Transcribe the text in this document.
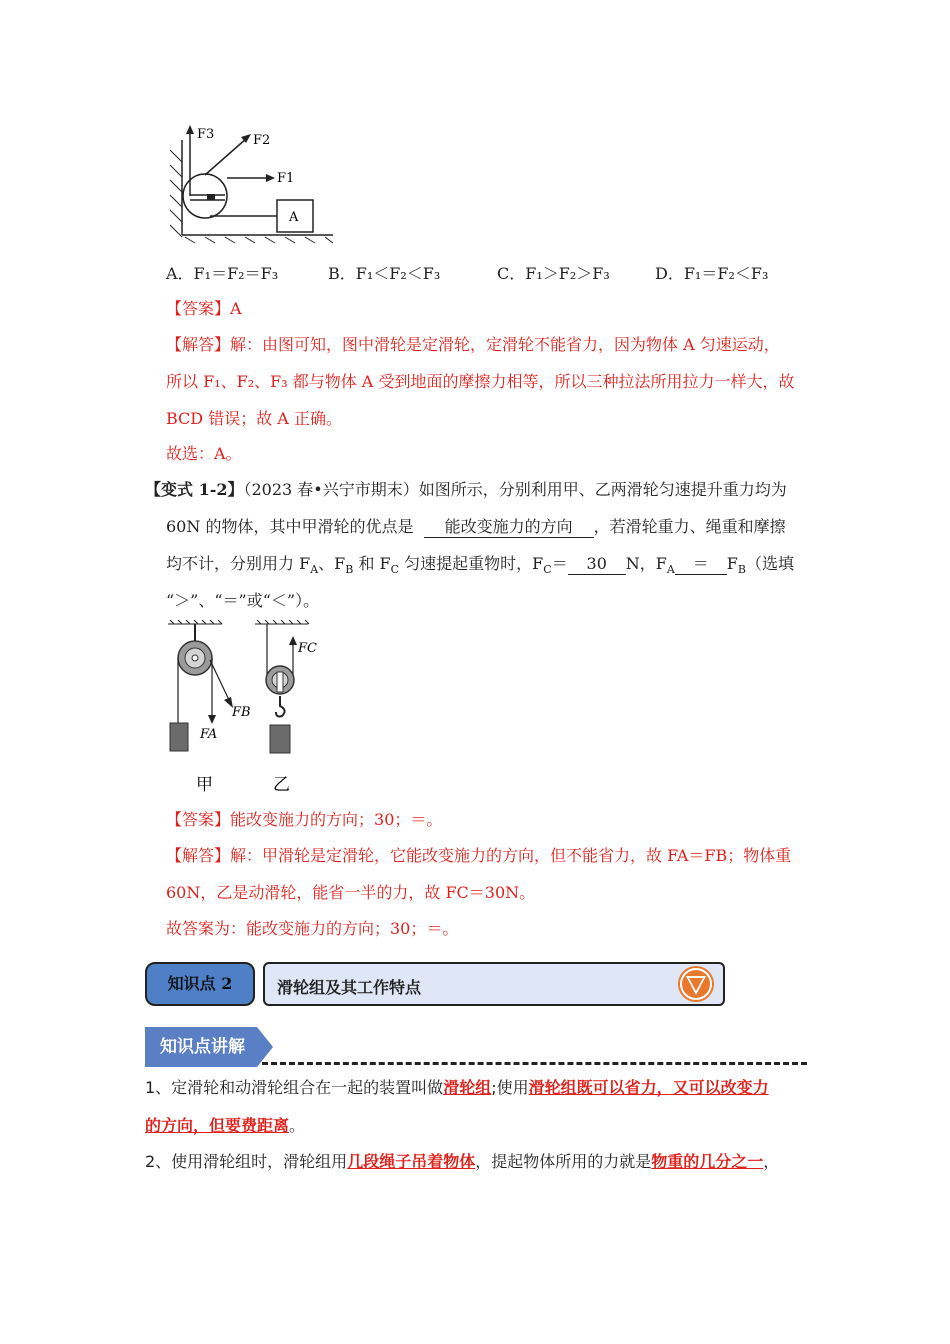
F3	F2
F1
A
A．F₁＝F₂＝F₃	B．F₁＜F₂＜F₃	C．F₁＞F₂＞F₃	D．F₁＝F₂＜F₃
【答案】A
【解答】解：由图可知，图中滑轮是定滑轮，定滑轮不能省力，因为物体 A 匀速运动，
所以 F₁、F₂、F₃ 都与物体 A 受到地面的摩擦力相等，所以三种拉法所用拉力一样大，故
BCD 错误；故 A 正确。
故选：A。
【变式 1-2】（2023 春•兴宁市期末）如图所示，分别利用甲、乙两滑轮匀速提升重力均为
60N 的物体，其中甲滑轮的优点是 能改变施力的方向 ，若滑轮重力、绳重和摩擦
均不计，分别用力 $F_A$、$F_B$ 和 $F_C$ 匀速提起重物时，$F_C= 30$ N，$F_A = F_B$（选填
“＞”、“＝”或“＜”）。
FB
FA
FC
甲	乙
【答案】能改变施力的方向；30；＝。
【解答】解：甲滑轮是定滑轮，它能改变施力的方向，但不能省力，故 FA＝FB；物体重
60N，乙是动滑轮，能省一半的力，故 FC＝30N。
故答案为：能改变施力的方向；30；＝。
知识点 2	滑轮组及其工作特点
知识点讲解
1、定滑轮和动滑轮组合在一起的装置叫做滑轮组;使用滑轮组既可以省力，又可以改变力
的方向，但要费距离。
2、使用滑轮组时，滑轮组用几段绳子吊着物体，提起物体所用的力就是物重的几分之一，
